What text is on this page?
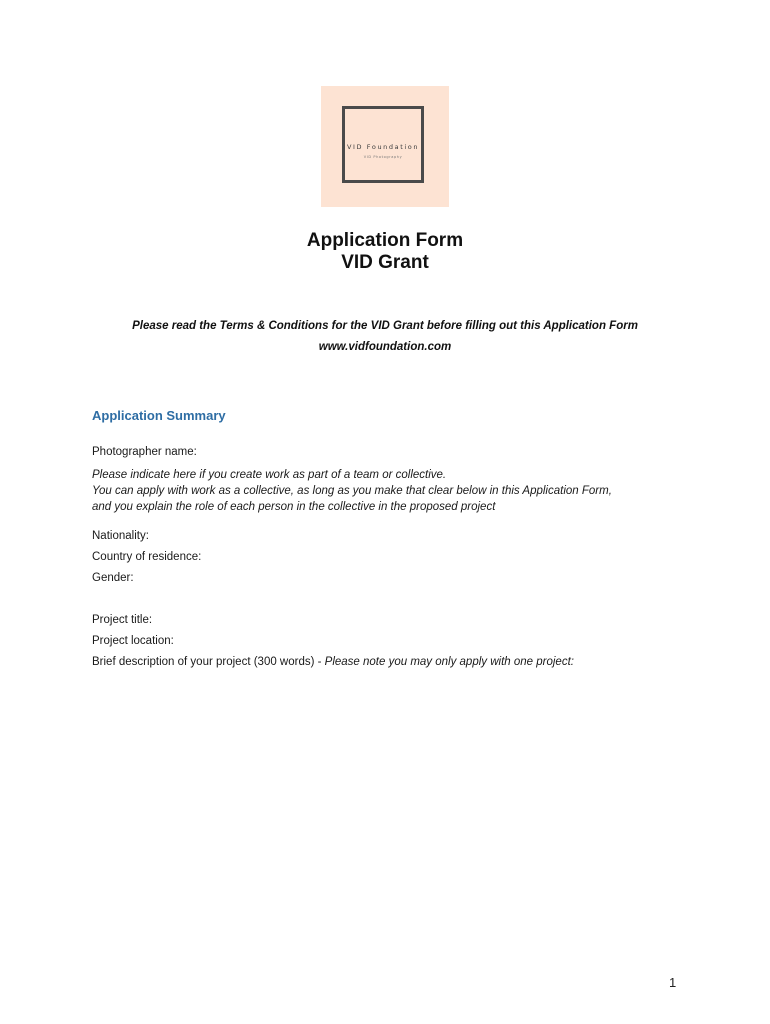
VID Foundation
VID Photography
Application Form
VID Grant
Please read the Terms & Conditions for the VID Grant before filling out this Application Form
www.vidfoundation.com
Application Summary
Photographer name:
Please indicate here if you create work as part of a team or collective.
You can apply with work as a collective, as long as you make that clear below in this Application Form,
and you explain the role of each person in the collective in the proposed project
Nationality:
Country of residence:
Gender:
Project title:
Project location:
Brief description of your project (300 words) - Please note you may only apply with one project:
1
